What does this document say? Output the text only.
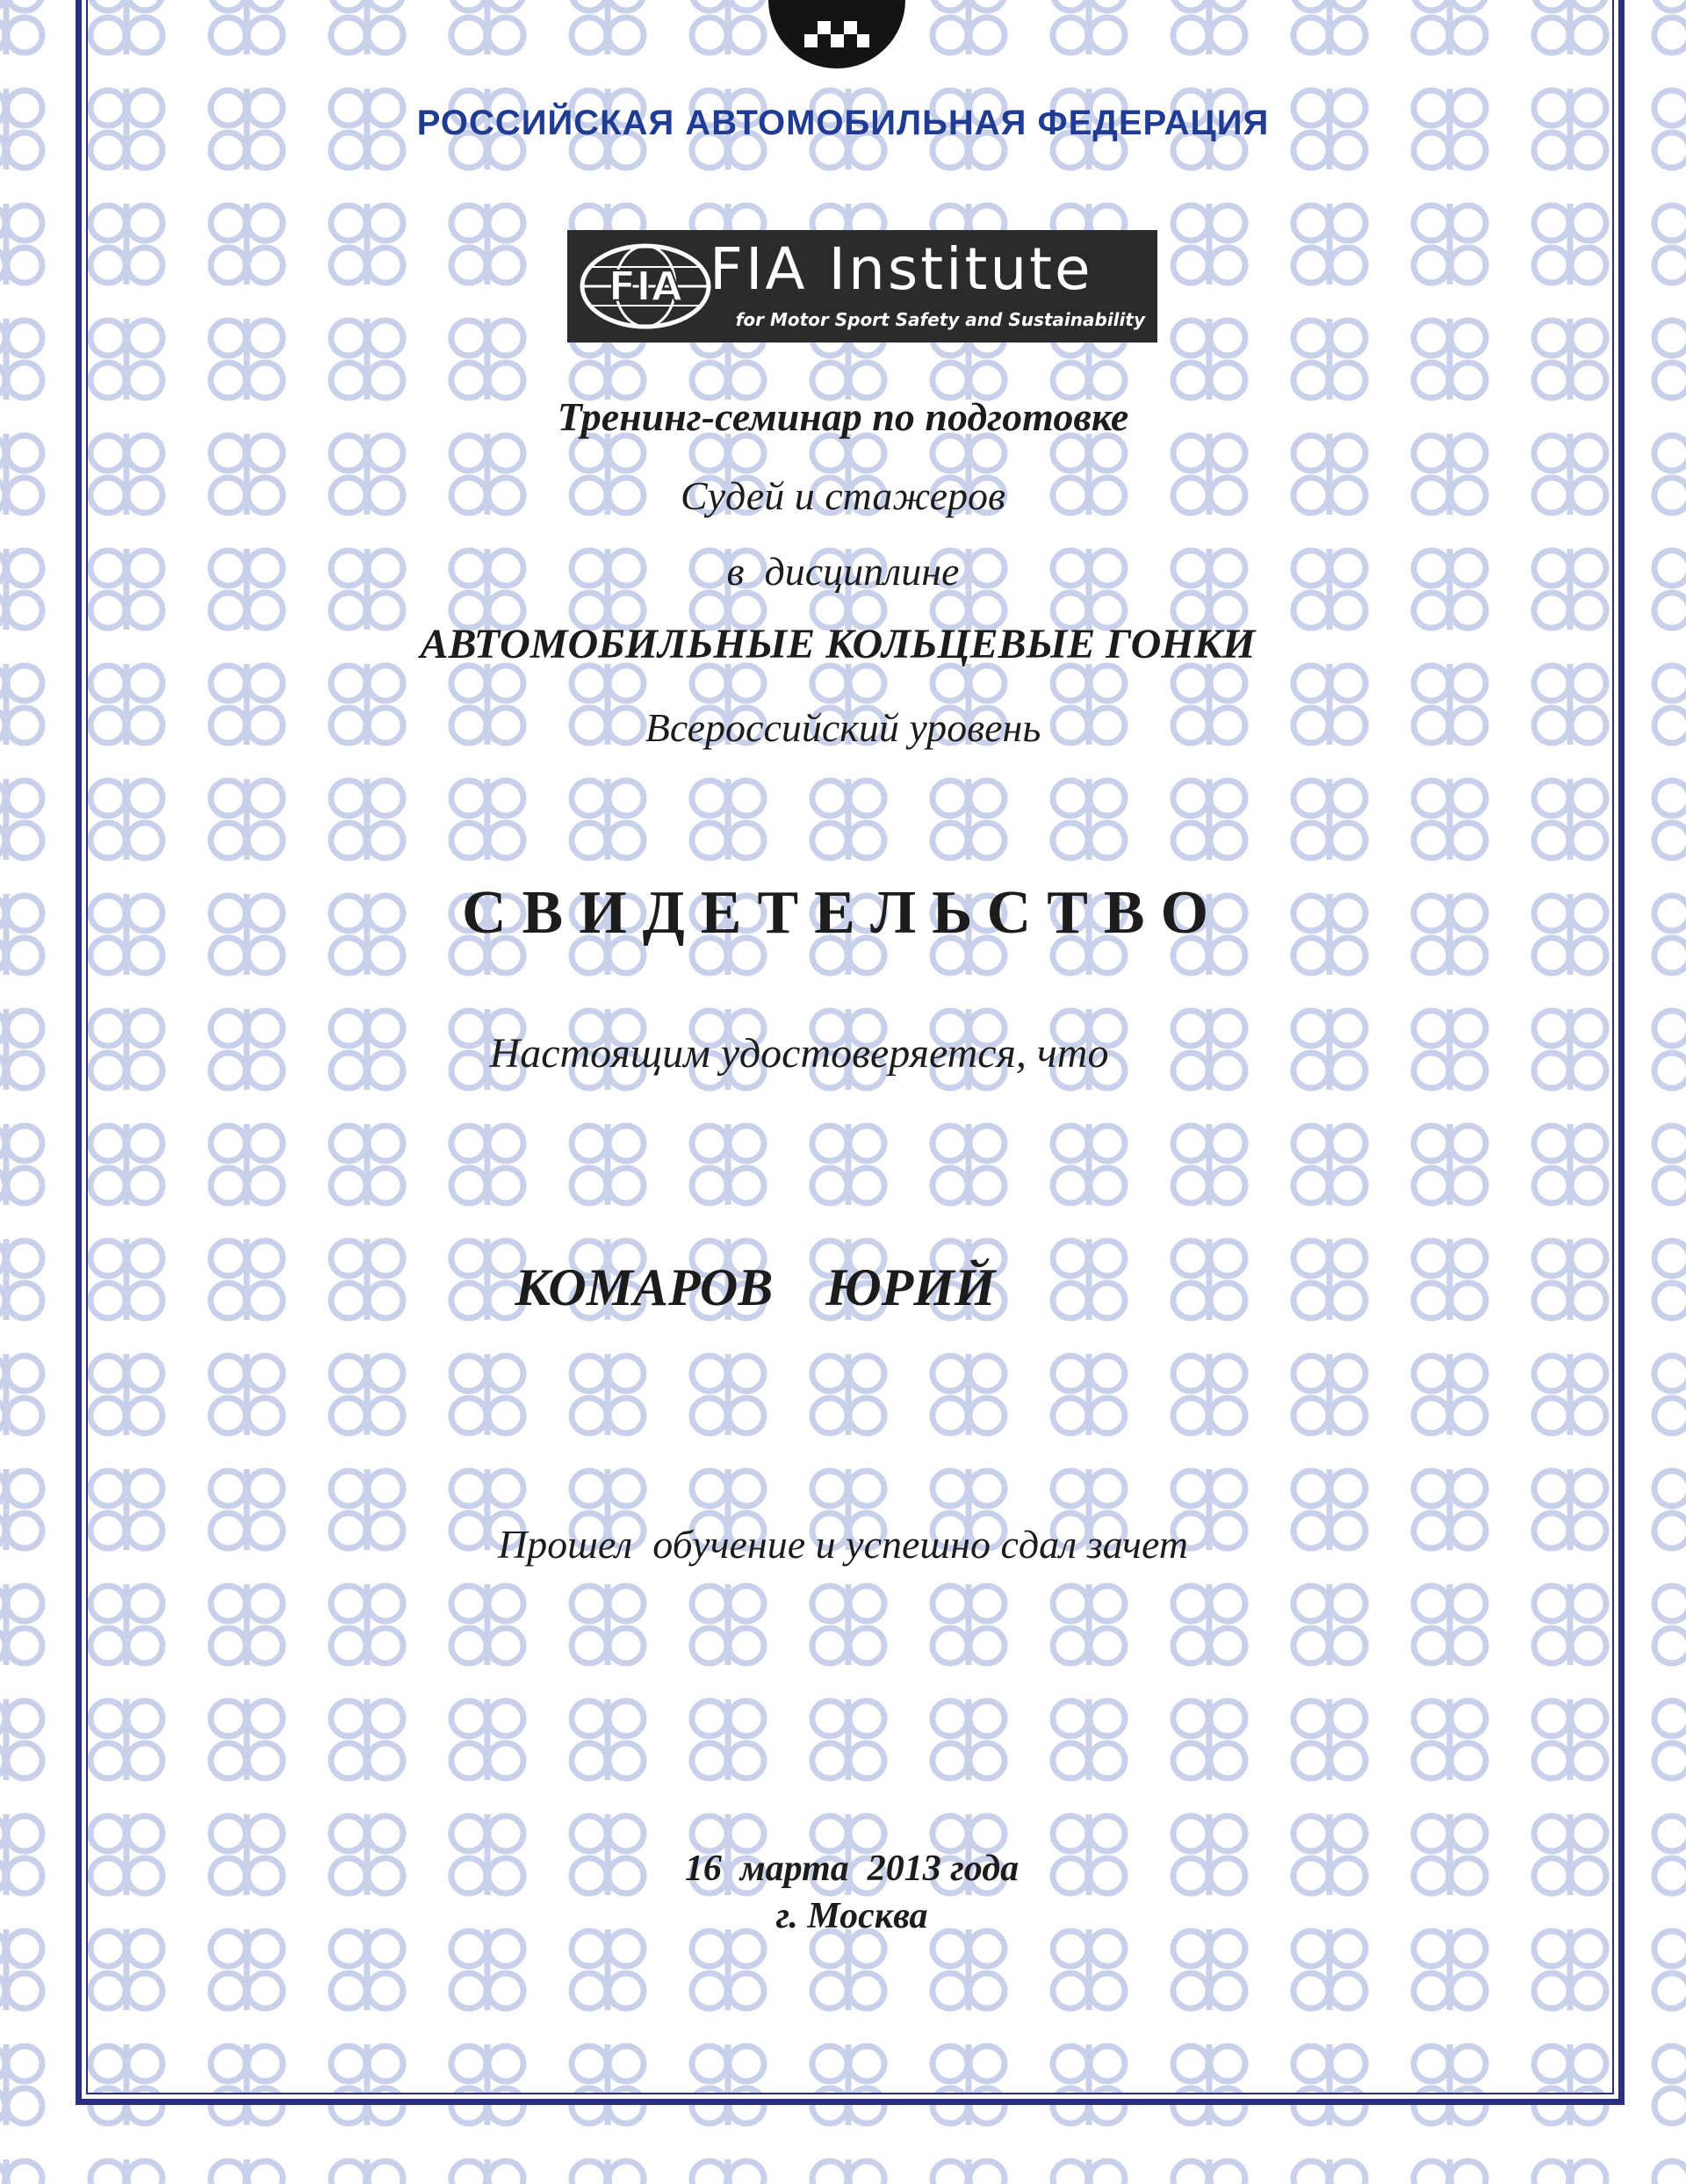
РОССИЙСКАЯ АВТОМОБИЛЬНАЯ ФЕДЕРАЦИЯ
FIA FIA Institute
for Motor Sport Safety and Sustainability
Тренинг-семинар по подготовке
Судей и стажеров
в  дисциплине
АВТОМОБИЛЬНЫЕ КОЛЬЦЕВЫЕ ГОНКИ
Всероссийский уровень
СВИДЕТЕЛЬСТВО
Настоящим удостоверяется, что
КОМАРОВ    ЮРИЙ
Прошел  обучение и успешно сдал зачет
16  марта  2013 года
г. Москва
